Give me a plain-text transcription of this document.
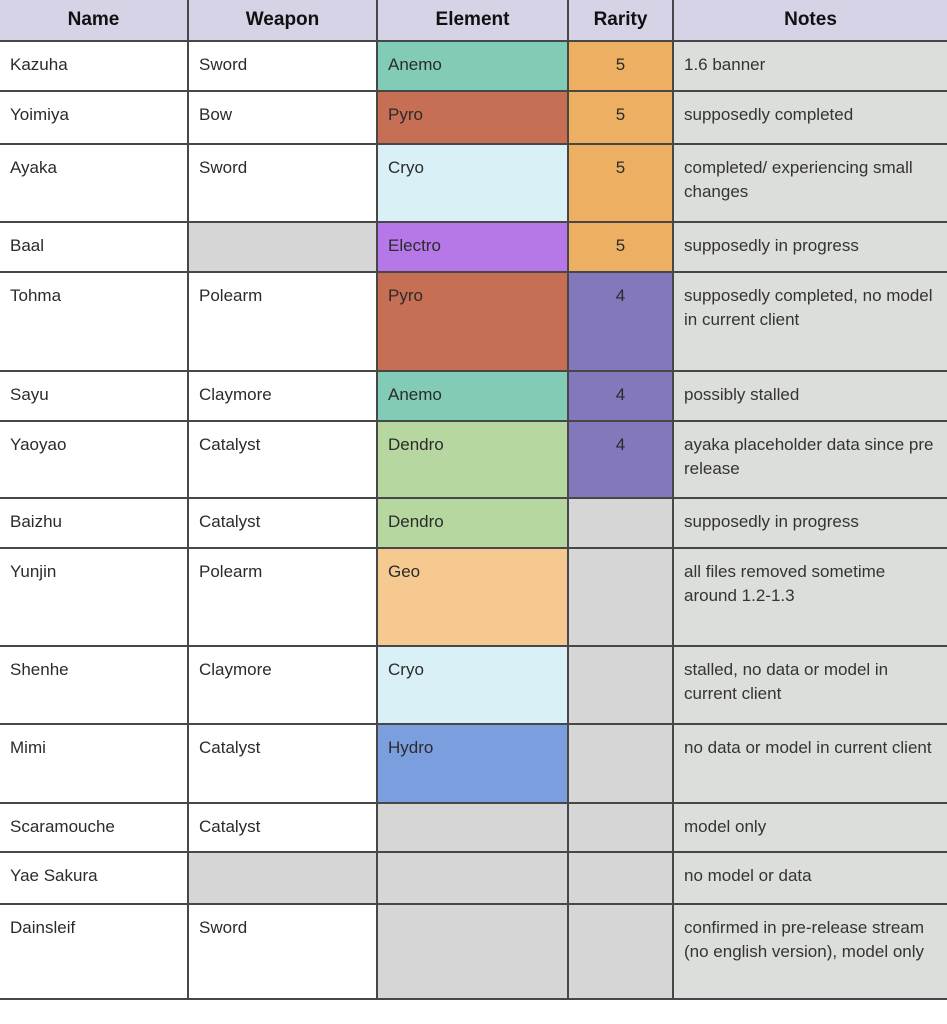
Name	Weapon	Element	Rarity	Notes
Kazuha	Sword	Anemo	5	1.6 banner
Yoimiya	Bow	Pyro	5	supposedly completed
Ayaka	Sword	Cryo	5	completed/ experiencing small changes
Baal		Electro	5	supposedly in progress
Tohma	Polearm	Pyro	4	supposedly completed, no model in current client
Sayu	Claymore	Anemo	4	possibly stalled
Yaoyao	Catalyst	Dendro	4	ayaka placeholder data since pre release
Baizhu	Catalyst	Dendro		supposedly in progress
Yunjin	Polearm	Geo		all files removed sometime around 1.2-1.3
Shenhe	Claymore	Cryo		stalled, no data or model in current client
Mimi	Catalyst	Hydro		no data or model in current client
Scaramouche	Catalyst			model only
Yae Sakura				no model or data
Dainsleif	Sword			confirmed in pre-release stream (no english version), model only
